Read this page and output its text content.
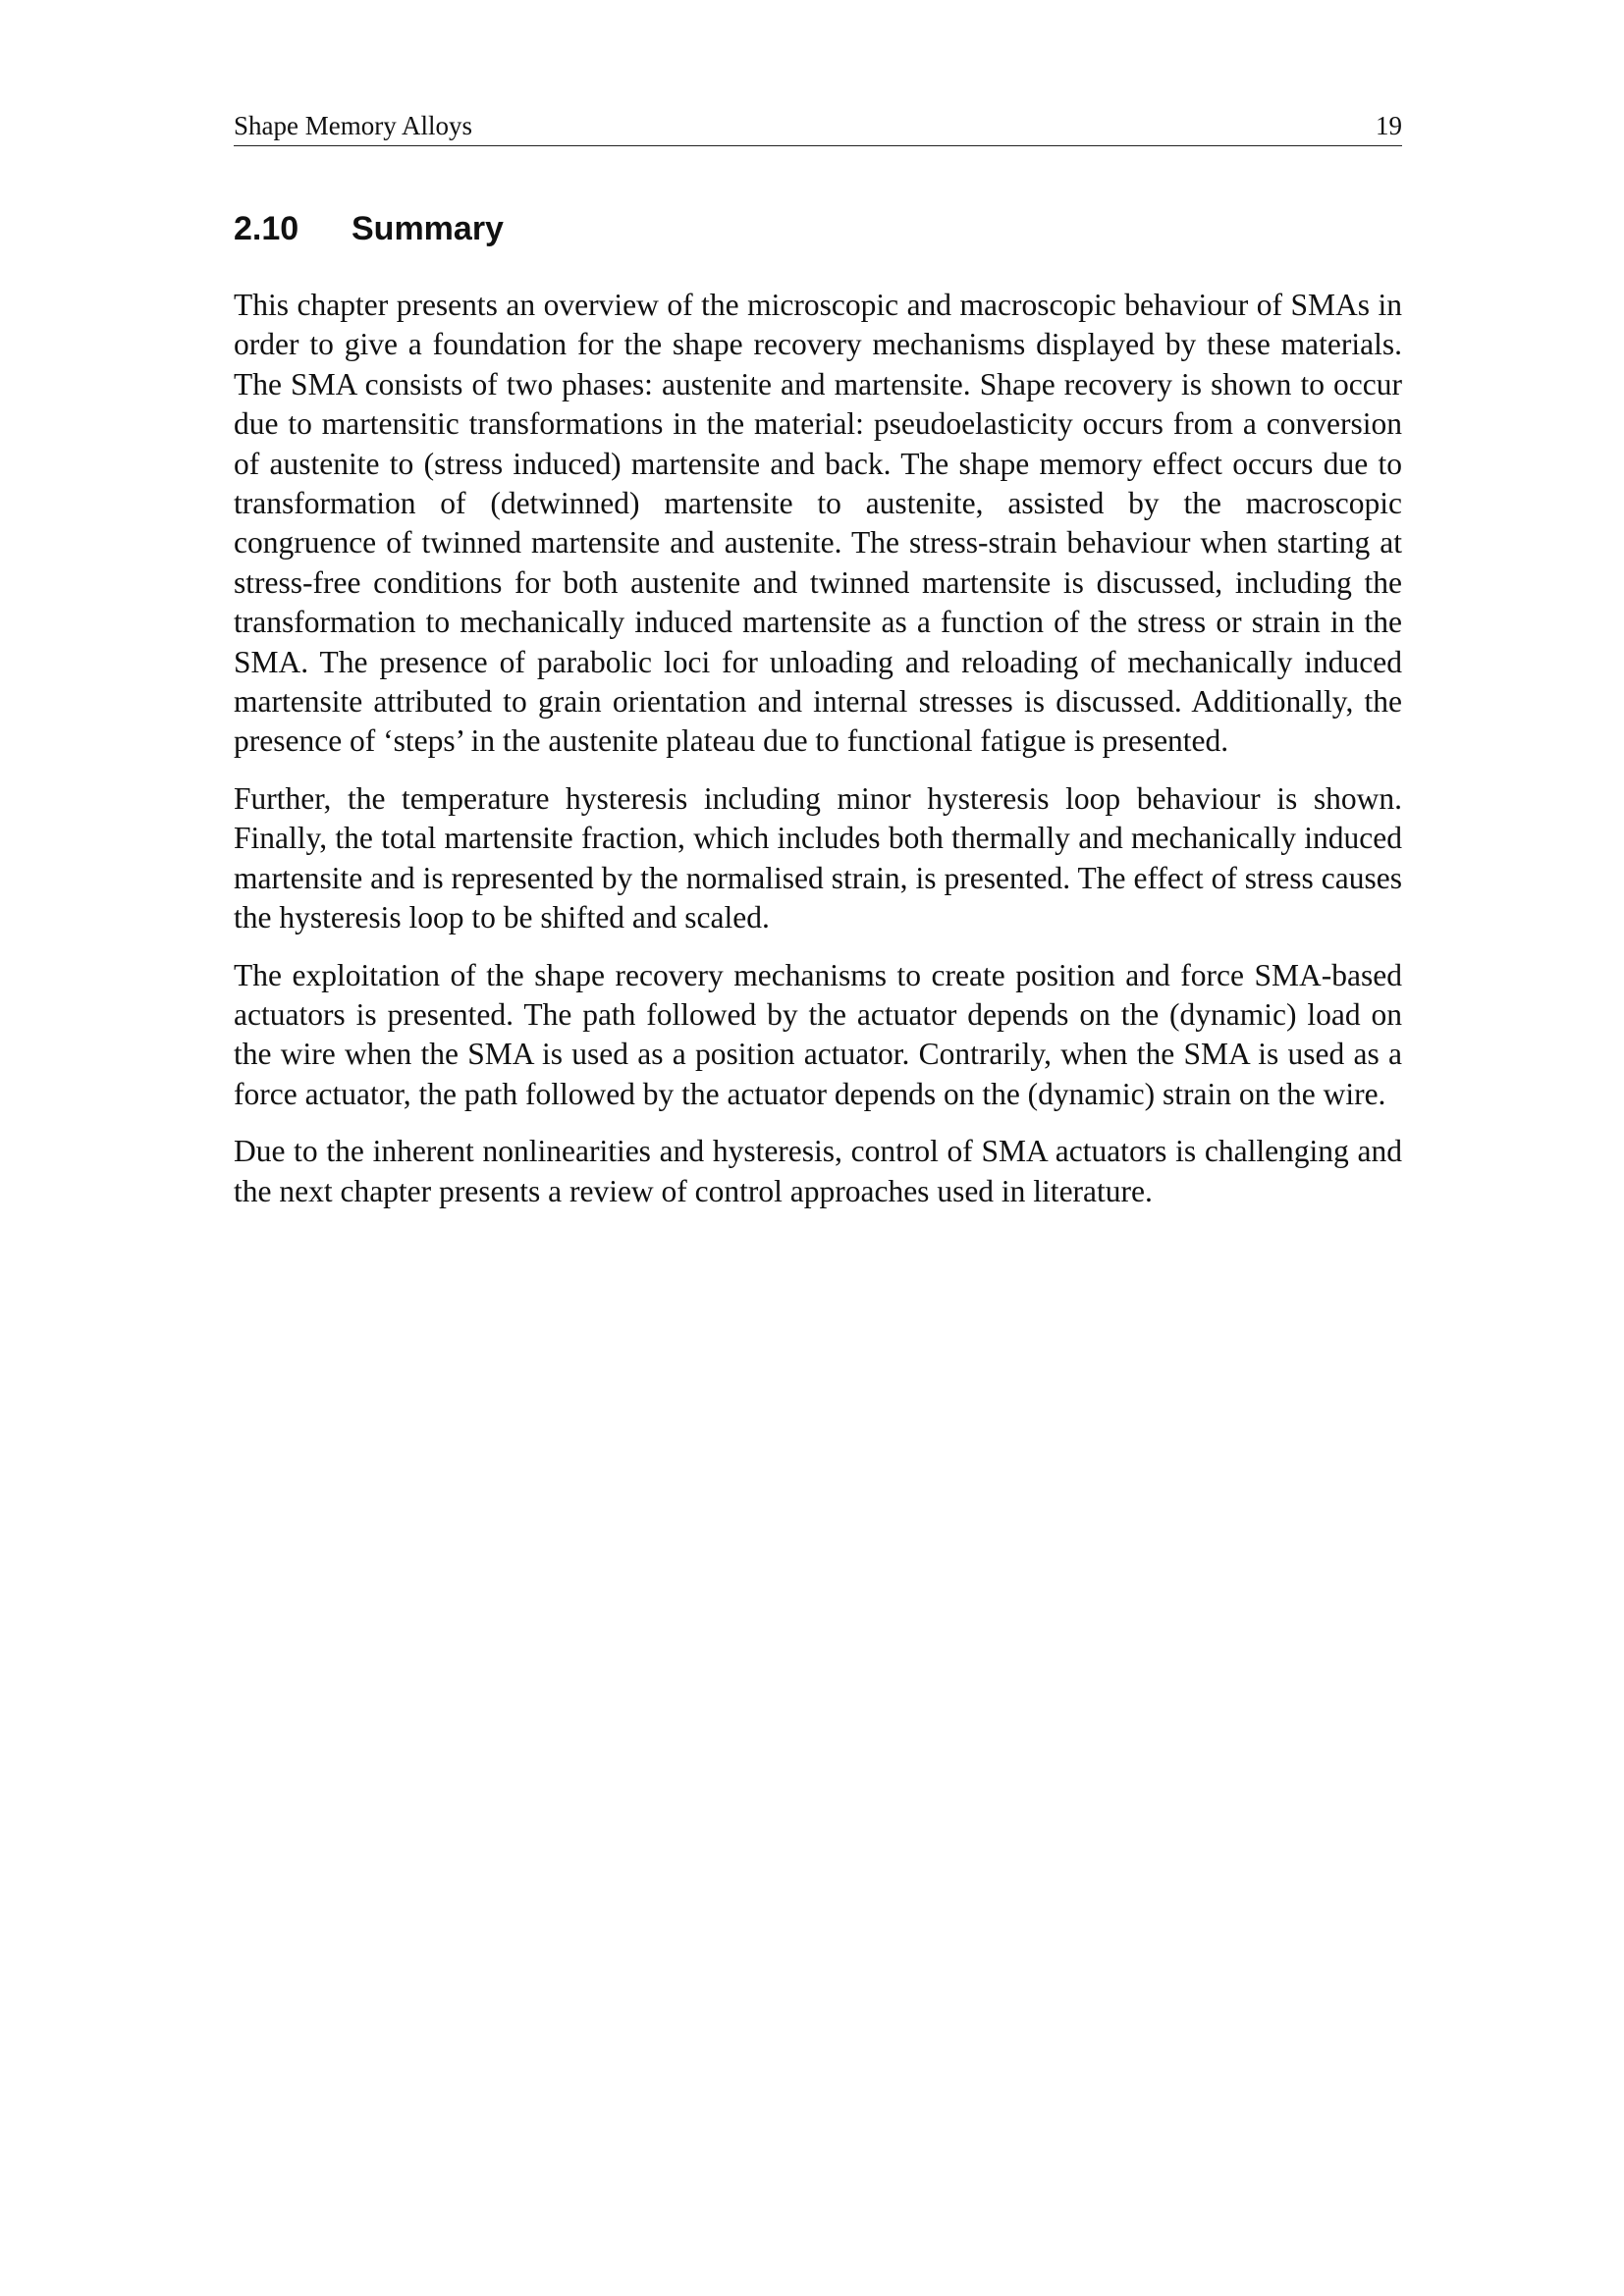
Shape Memory Alloys	19
2.10	Summary

This chapter presents an overview of the microscopic and macroscopic behaviour of SMAs in order to give a foundation for the shape recovery mechanisms displayed by these materials. The SMA consists of two phases: austenite and martensite. Shape recovery is shown to occur due to martensitic transformations in the material: pseudoelasticity occurs from a conversion of austenite to (stress induced) martensite and back. The shape memory effect occurs due to transformation of (detwinned) martensite to austenite, assisted by the macroscopic congruence of twinned martensite and austenite. The stress-strain behaviour when starting at stress-free conditions for both austenite and twinned martensite is discussed, including the transformation to mechanically induced martensite as a function of the stress or strain in the SMA. The presence of parabolic loci for unloading and reloading of mechanically induced martensite attributed to grain orientation and internal stresses is discussed. Additionally, the presence of ‘steps’ in the austenite plateau due to functional fatigue is presented.

Further, the temperature hysteresis including minor hysteresis loop behaviour is shown. Finally, the total martensite fraction, which includes both thermally and mechanically induced martensite and is represented by the normalised strain, is presented. The effect of stress causes the hysteresis loop to be shifted and scaled.

The exploitation of the shape recovery mechanisms to create position and force SMA-based actuators is presented. The path followed by the actuator depends on the (dynamic) load on the wire when the SMA is used as a position actuator. Contrarily, when the SMA is used as a force actuator, the path followed by the actuator depends on the (dynamic) strain on the wire.

Due to the inherent nonlinearities and hysteresis, control of SMA actuators is challenging and the next chapter presents a review of control approaches used in literature.
